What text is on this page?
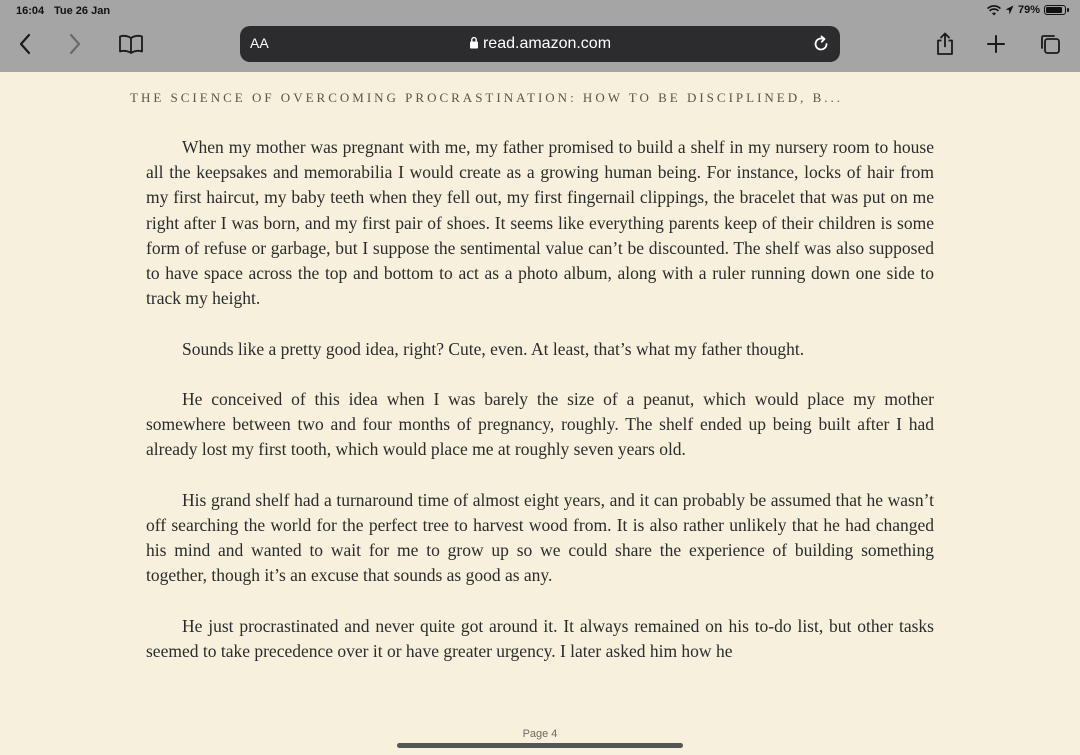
16:04 Tue 26 Jan	79%
AA	read.amazon.com
THE SCIENCE OF OVERCOMING PROCRASTINATION: HOW TO BE DISCIPLINED, B...

When my mother was pregnant with me, my father promised to build a shelf in my nursery room to house all the keepsakes and memorabilia I would create as a growing human being. For instance, locks of hair from my first haircut, my baby teeth when they fell out, my first fingernail clippings, the bracelet that was put on me right after I was born, and my first pair of shoes. It seems like everything parents keep of their children is some form of refuse or garbage, but I suppose the sentimental value can’t be discounted. The shelf was also supposed to have space across the top and bottom to act as a photo album, along with a ruler running down one side to track my height.

Sounds like a pretty good idea, right? Cute, even. At least, that’s what my father thought.

He conceived of this idea when I was barely the size of a peanut, which would place my mother somewhere between two and four months of pregnancy, roughly. The shelf ended up being built after I had already lost my first tooth, which would place me at roughly seven years old.

His grand shelf had a turnaround time of almost eight years, and it can probably be assumed that he wasn’t off searching the world for the perfect tree to harvest wood from. It is also rather unlikely that he had changed his mind and wanted to wait for me to grow up so we could share the experience of building something together, though it’s an excuse that sounds as good as any.

He just procrastinated and never quite got around it. It always remained on his to-do list, but other tasks seemed to take precedence over it or have greater urgency. I later asked him how he

Page 4
